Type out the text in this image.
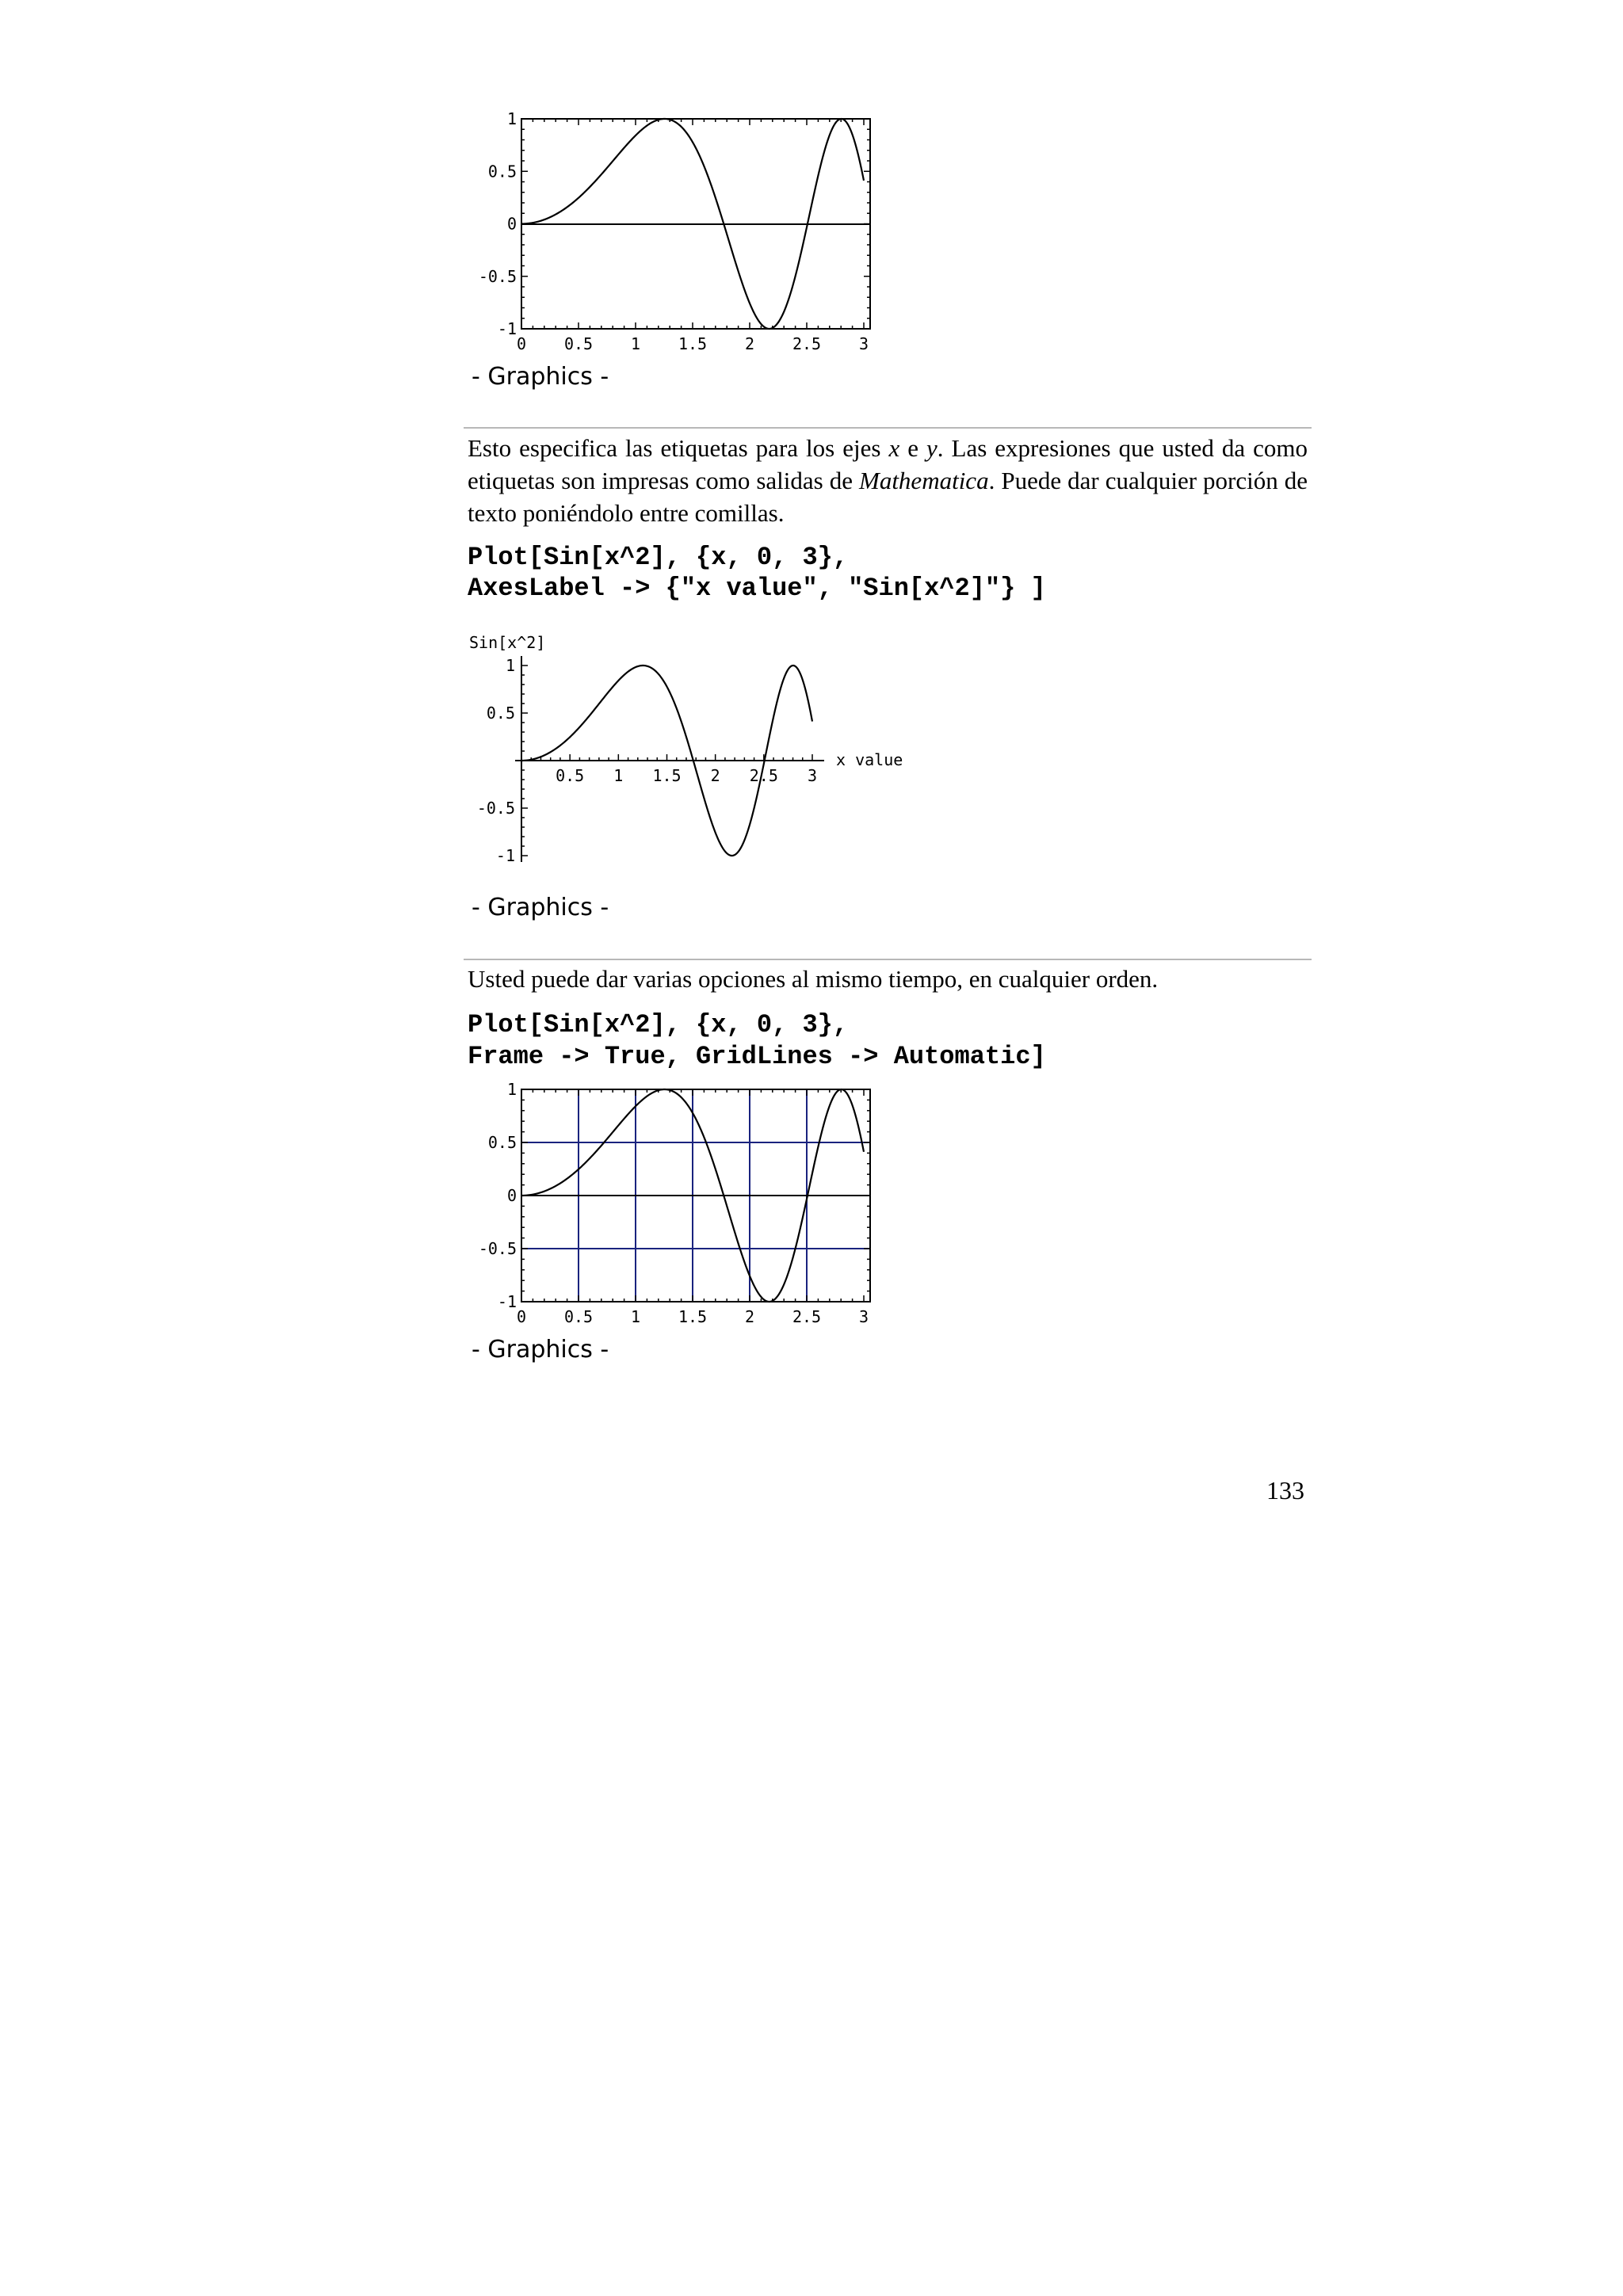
0 0.5 1 1.5 2 2.5 3
1
0.5
0
-0.5
-1
- Graphics -

Esto especifica las etiquetas para los ejes x e y. Las expresiones que usted da como etiquetas son impresas como salidas de Mathematica. Puede dar cualquier porción de texto poniéndolo entre comillas.

Plot[Sin[x^2], {x, 0, 3},
AxesLabel -> {"x value", "Sin[x^2]"} ]
0.5 1 1.5 2 2.5 3
1
0.5
-0.5
-1
x value
Sin[x^2]
- Graphics -

Usted puede dar varias opciones al mismo tiempo, en cualquier orden.

Plot[Sin[x^2], {x, 0, 3},
Frame -> True, GridLines -> Automatic]
0 0.5 1 1.5 2 2.5 3
1
0.5
0
-0.5
-1
- Graphics -
133
